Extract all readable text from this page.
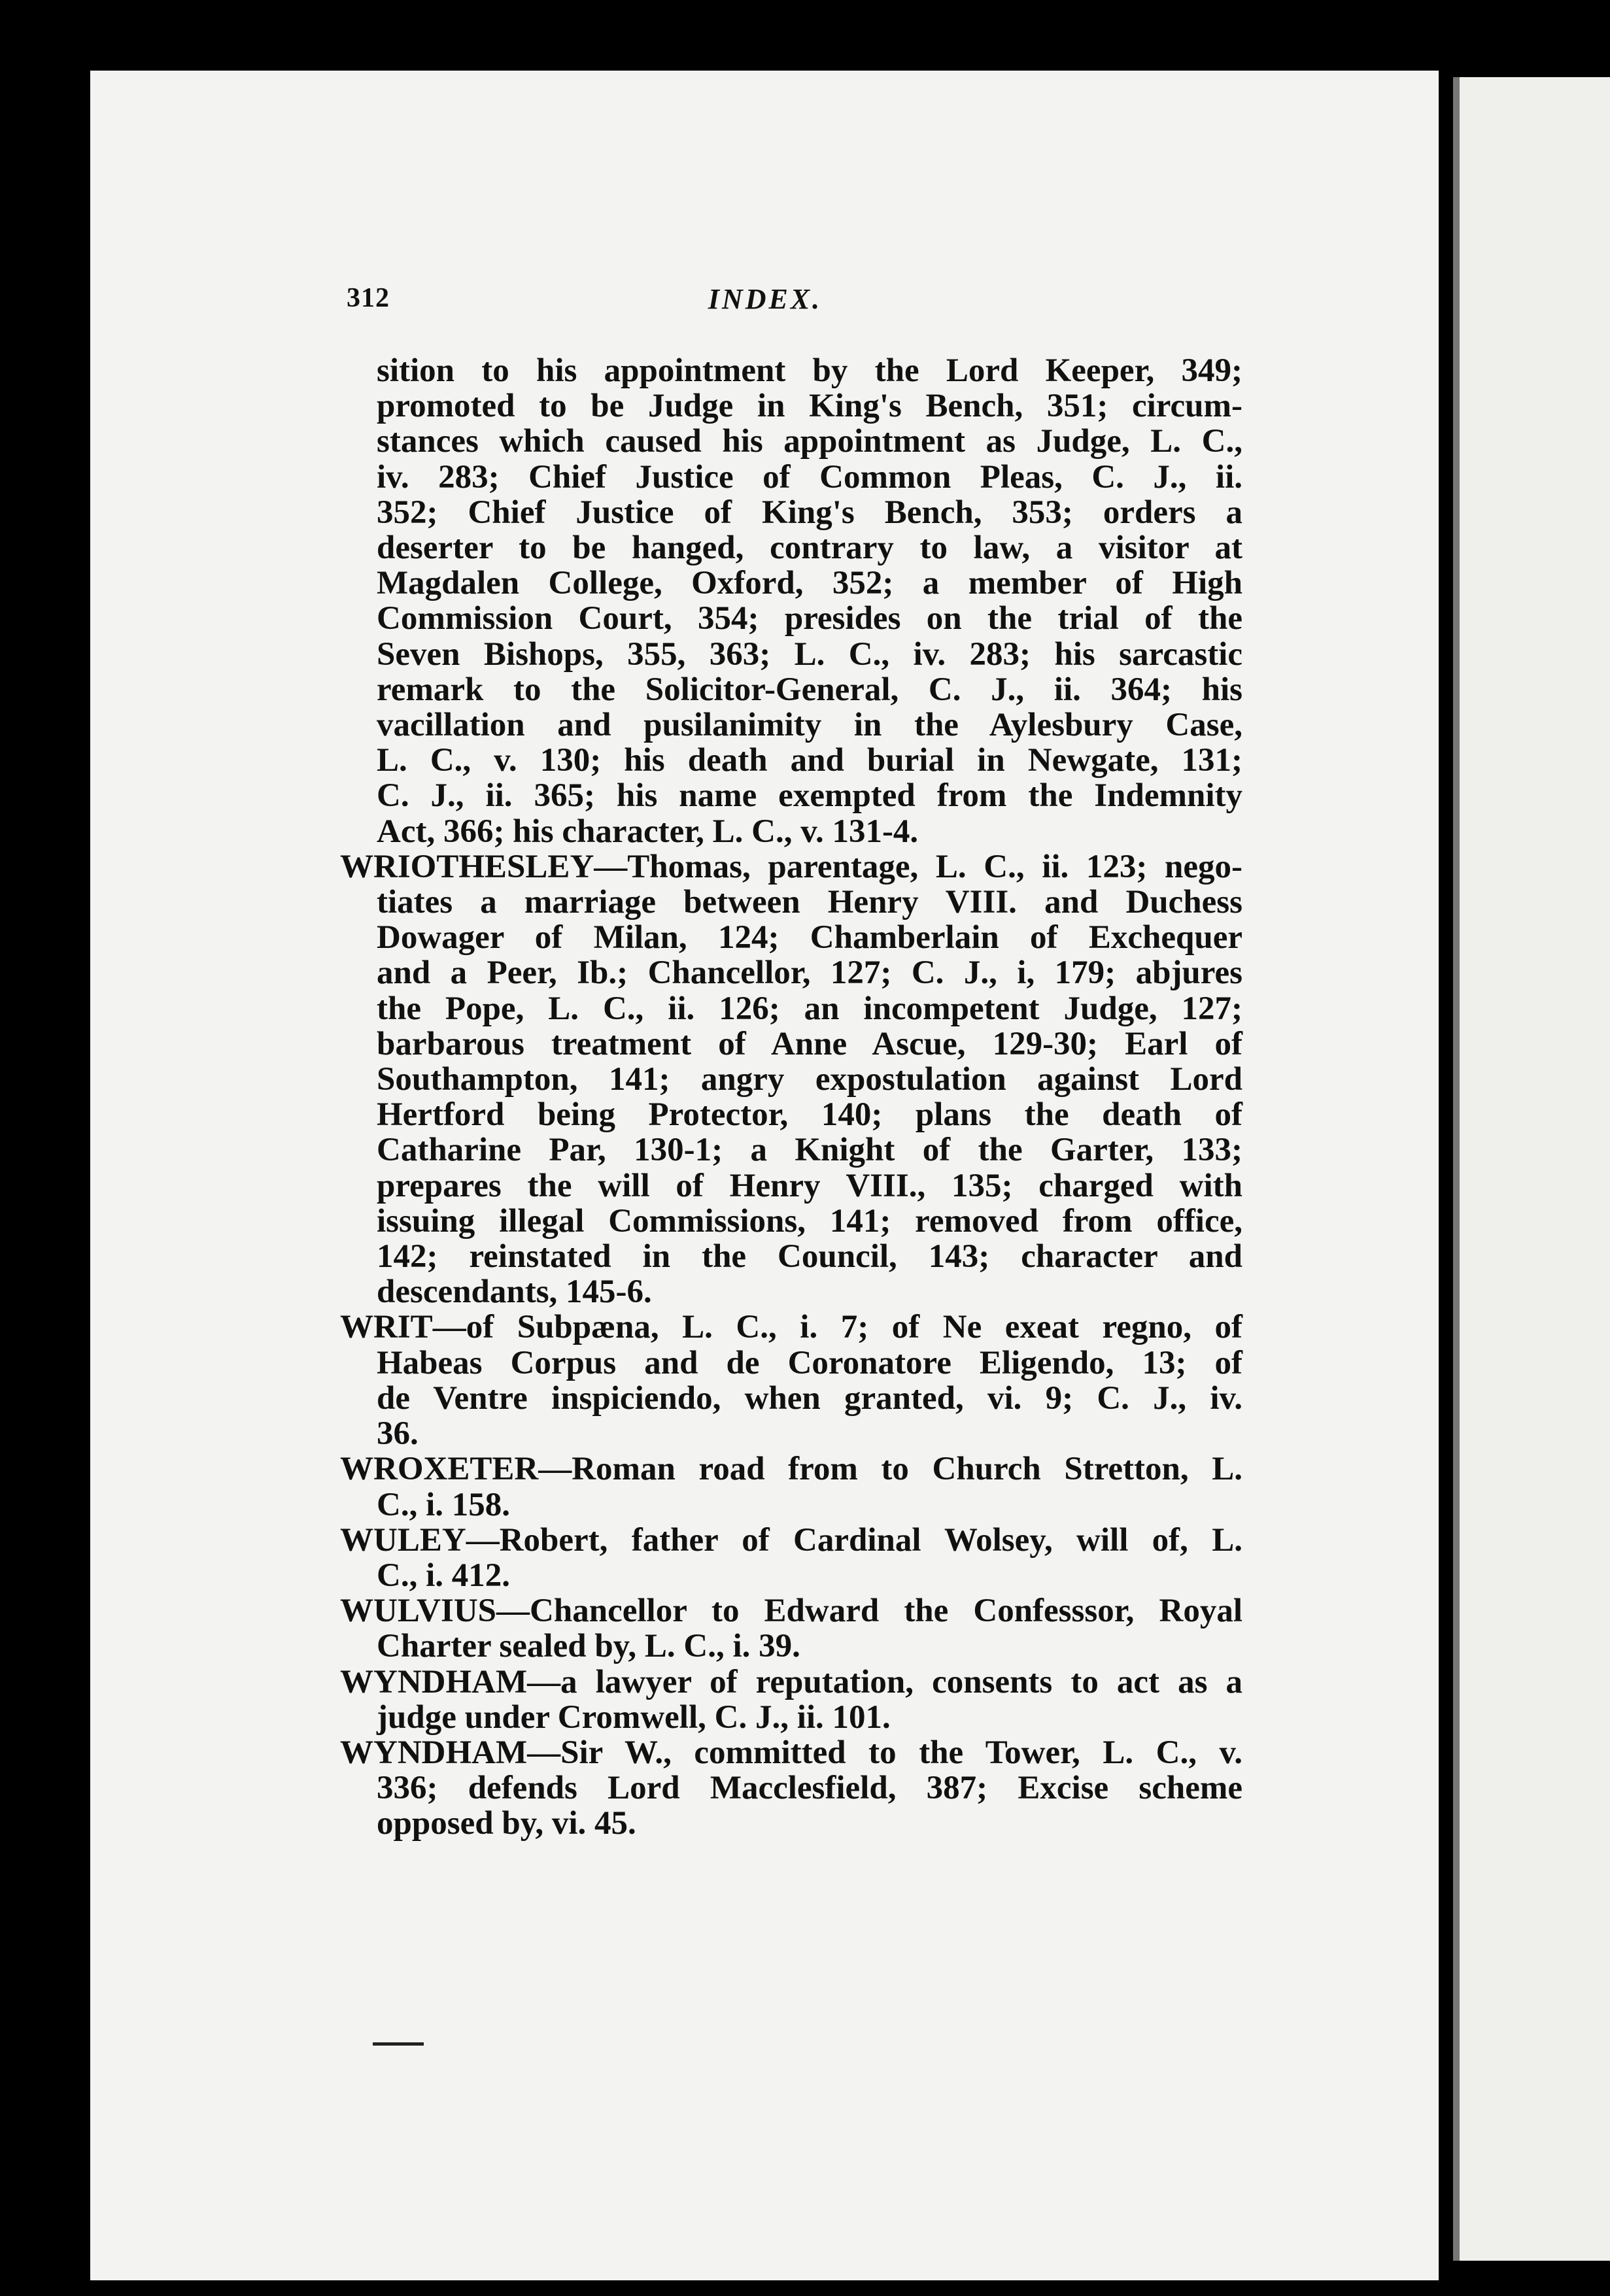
312	INDEX.
sition to his appointment by the Lord Keeper, 349;
promoted to be Judge in King's Bench, 351; circum-
stances which caused his appointment as Judge, L. C.,
iv. 283; Chief Justice of Common Pleas, C. J., ii.
352; Chief Justice of King's Bench, 353; orders a
deserter to be hanged, contrary to law, a visitor at
Magdalen College, Oxford, 352; a member of High
Commission Court, 354; presides on the trial of the
Seven Bishops, 355, 363; L. C., iv. 283; his sarcastic
remark to the Solicitor-General, C. J., ii. 364; his
vacillation and pusilanimity in the Aylesbury Case,
L. C., v. 130; his death and burial in Newgate, 131;
C. J., ii. 365; his name exempted from the Indemnity
Act, 366; his character, L. C., v. 131-4.
WRIOTHESLEY—Thomas, parentage, L. C., ii. 123; nego-
tiates a marriage between Henry VIII. and Duchess
Dowager of Milan, 124; Chamberlain of Exchequer
and a Peer, Ib.; Chancellor, 127; C. J., i, 179; abjures
the Pope, L. C., ii. 126; an incompetent Judge, 127;
barbarous treatment of Anne Ascue, 129-30; Earl of
Southampton, 141; angry expostulation against Lord
Hertford being Protector, 140; plans the death of
Catharine Par, 130-1; a Knight of the Garter, 133;
prepares the will of Henry VIII., 135; charged with
issuing illegal Commissions, 141; removed from office,
142; reinstated in the Council, 143; character and
descendants, 145-6.
WRIT—of Subpæna, L. C., i. 7; of Ne exeat regno, of
Habeas Corpus and de Coronatore Eligendo, 13; of
de Ventre inspiciendo, when granted, vi. 9; C. J., iv.
36.
WROXETER—Roman road from to Church Stretton, L.
C., i. 158.
WULEY—Robert, father of Cardinal Wolsey, will of, L.
C., i. 412.
WULVIUS—Chancellor to Edward the Confesssor, Royal
Charter sealed by, L. C., i. 39.
WYNDHAM—a lawyer of reputation, consents to act as a
judge under Cromwell, C. J., ii. 101.
WYNDHAM—Sir W., committed to the Tower, L. C., v.
336; defends Lord Macclesfield, 387; Excise scheme
opposed by, vi. 45.
